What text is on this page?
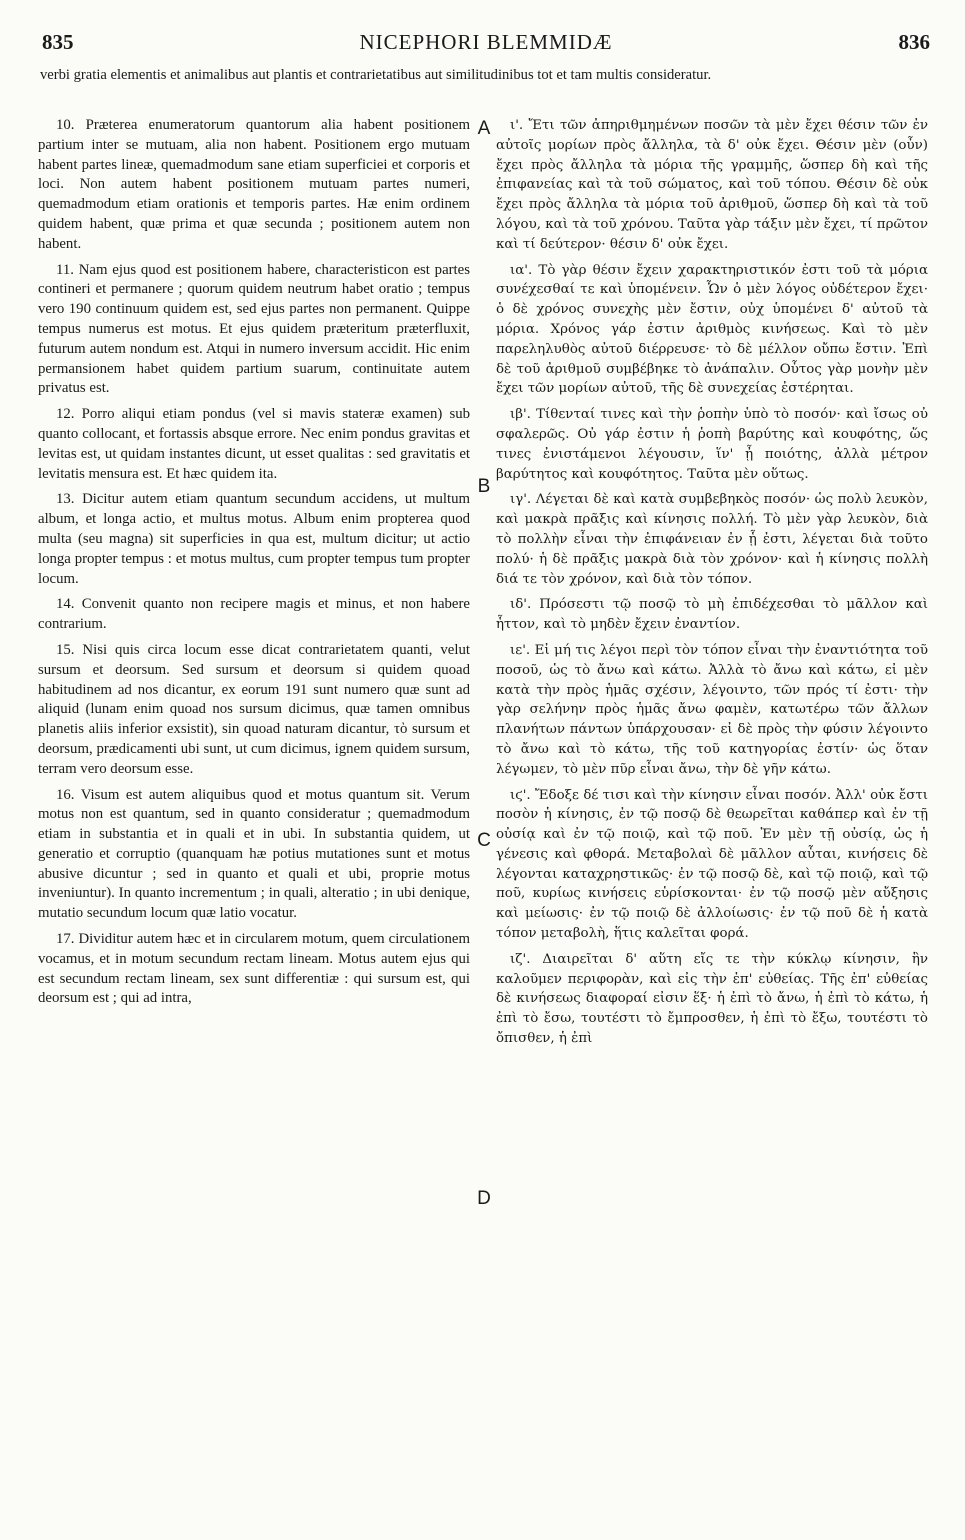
835	NICEPHORI BLEMMIDÆ	836
verbi gratia elementis et animalibus aut plantis et contrarietatibus aut similitudinibus tot et tam multis consideratur.

10. Præterea enumeratorum quantorum alia habent positionem partium inter se mutuam, alia non habent. Positionem ergo mutuam habent partes lineæ, quemadmodum sane etiam superficiei et corporis et loci. Non autem habent positionem mutuam partes numeri, quemadmodum etiam orationis et temporis partes. Hæ enim ordinem quidem habent, quæ prima et quæ secunda ; positionem autem non habent.

11. Nam ejus quod est positionem habere, characteristicon est partes contineri et permanere ; quorum quidem neutrum habet oratio ; tempus vero 190 continuum quidem est, sed ejus partes non permanent. Quippe tempus numerus est motus. Et ejus quidem præteritum præterfluxit, futurum autem nondum est. Atqui in numero inversum accidit. Hic enim permansionem habet quidem partium suarum, continuitate autem privatus est.

12. Porro aliqui etiam pondus (vel si mavis stateræ examen) sub quanto collocant, et fortassis absque errore. Nec enim pondus gravitas et levitas est, ut quidam instantes dicunt, ut esset qualitas : sed gravitatis et levitatis mensura est. Et hæc quidem ita.

13. Dicitur autem etiam quantum secundum accidens, ut multum album, et longa actio, et multus motus. Album enim propterea quod multa (seu magna) sit superficies in qua est, multum dicitur; ut actio longa propter tempus : et motus multus, cum propter tempus tum propter locum.

14. Convenit quanto non recipere magis et minus, et non habere contrarium.

15. Nisi quis circa locum esse dicat contrarietatem quanti, velut sursum et deorsum. Sed sursum et deorsum si quidem quoad habitudinem ad nos dicantur, ex eorum 191 sunt numero quæ sunt ad aliquid (lunam enim quoad nos sursum dicimus, quæ tamen omnibus planetis aliis inferior exsistit), sin quoad naturam dicantur, τὸ sursum et deorsum, prædicamenti ubi sunt, ut cum dicimus, ignem quidem sursum, terram vero deorsum esse.

16. Visum est autem aliquibus quod et motus quantum sit. Verum motus non est quantum, sed in quanto consideratur ; quemadmodum etiam in substantia et in quali et in ubi. In substantia quidem, ut generatio et corruptio (quanquam hæ potius mutationes sunt et motus abusive dicuntur ; sed in quanto et quali et ubi, proprie motus inveniuntur). In quanto incrementum ; in quali, alteratio ; in ubi denique, mutatio secundum locum quæ latio vocatur.

17. Dividitur autem hæc et in circularem motum, quem circulationem vocamus, et in motum secundum rectam lineam. Motus autem ejus qui est secundum rectam lineam, sex sunt differentiæ : qui sursum est, qui deorsum est ; qui ad intra,

A
B
C
D

ι'. Ἔτι τῶν ἀπηριθμημένων ποσῶν τὰ μὲν ἔχει θέσιν τῶν ἐν αὐτοῖς μορίων πρὸς ἄλληλα, τὰ δ' οὐκ ἔχει. Θέσιν μὲν (οὖν) ἔχει πρὸς ἄλληλα τὰ μόρια τῆς γραμμῆς, ὥσπερ δὴ καὶ τῆς ἐπιφανείας καὶ τὰ τοῦ σώματος, καὶ τοῦ τόπου. Θέσιν δὲ οὐκ ἔχει πρὸς ἄλληλα τὰ μόρια τοῦ ἀριθμοῦ, ὥσπερ δὴ καὶ τὰ τοῦ λόγου, καὶ τὰ τοῦ χρόνου. Ταῦτα γὰρ τάξιν μὲν ἔχει, τί πρῶτον καὶ τί δεύτερον· θέσιν δ' οὐκ ἔχει.

ια'. Τὸ γὰρ θέσιν ἔχειν χαρακτηριστικόν ἐστι τοῦ τὰ μόρια συνέχεσθαί τε καὶ ὑπομένειν. Ὧν ὁ μὲν λόγος οὐδέτερον ἔχει· ὁ δὲ χρόνος συνεχὴς μὲν ἔστιν, οὐχ ὑπομένει δ' αὐτοῦ τὰ μόρια. Χρόνος γάρ ἐστιν ἀριθμὸς κινήσεως. Καὶ τὸ μὲν παρεληλυθὸς αὐτοῦ διέρρευσε· τὸ δὲ μέλλον οὔπω ἔστιν. Ἐπὶ δὲ τοῦ ἀριθμοῦ συμβέβηκε τὸ ἀνάπαλιν. Οὗτος γὰρ μονὴν μὲν ἔχει τῶν μορίων αὐτοῦ, τῆς δὲ συνεχείας ἐστέρηται.

ιβ'. Τίθενταί τινες καὶ τὴν ῥοπὴν ὑπὸ τὸ ποσόν· καὶ ἴσως οὐ σφαλερῶς. Οὐ γάρ ἐστιν ἡ ῥοπὴ βαρύτης καὶ κουφότης, ὥς τινες ἐνιστάμενοι λέγουσιν, ἵν' ᾖ ποιότης, ἀλλὰ μέτρον βαρύτητος καὶ κουφότητος. Ταῦτα μὲν οὕτως.

ιγ'. Λέγεται δὲ καὶ κατὰ συμβεβηκὸς ποσόν· ὡς πολὺ λευκὸν, καὶ μακρὰ πρᾶξις καὶ κίνησις πολλή. Τὸ μὲν γὰρ λευκὸν, διὰ τὸ πολλὴν εἶναι τὴν ἐπιφάνειαν ἐν ᾗ ἐστι, λέγεται διὰ τοῦτο πολύ· ἡ δὲ πρᾶξις μακρὰ διὰ τὸν χρόνον· καὶ ἡ κίνησις πολλὴ διά τε τὸν χρόνον, καὶ διὰ τὸν τόπον.

ιδ'. Πρόσεστι τῷ ποσῷ τὸ μὴ ἐπιδέχεσθαι τὸ μᾶλλον καὶ ἧττον, καὶ τὸ μηδὲν ἔχειν ἐναντίον.

ιε'. Εἰ μή τις λέγοι περὶ τὸν τόπον εἶναι τὴν ἐναντιότητα τοῦ ποσοῦ, ὡς τὸ ἄνω καὶ κάτω. Ἀλλὰ τὸ ἄνω καὶ κάτω, εἰ μὲν κατὰ τὴν πρὸς ἡμᾶς σχέσιν, λέγοιντο, τῶν πρός τί ἐστι· τὴν γὰρ σελήνην πρὸς ἡμᾶς ἄνω φαμὲν, κατωτέρω τῶν ἄλλων πλανήτων πάντων ὑπάρχουσαν· εἰ δὲ πρὸς τὴν φύσιν λέγοιντο τὸ ἄνω καὶ τὸ κάτω, τῆς τοῦ κατηγορίας ἐστίν· ὡς ὅταν λέγωμεν, τὸ μὲν πῦρ εἶναι ἄνω, τὴν δὲ γῆν κάτω.

ιϛ'. Ἔδοξε δέ τισι καὶ τὴν κίνησιν εἶναι ποσόν. Ἀλλ' οὐκ ἔστι ποσὸν ἡ κίνησις, ἐν τῷ ποσῷ δὲ θεωρεῖται καθάπερ καὶ ἐν τῇ οὐσίᾳ καὶ ἐν τῷ ποιῷ, καὶ τῷ ποῦ. Ἐν μὲν τῇ οὐσίᾳ, ὡς ἡ γένεσις καὶ φθορά. Μεταβολαὶ δὲ μᾶλλον αὗται, κινήσεις δὲ λέγονται καταχρηστικῶς· ἐν τῷ ποσῷ δὲ, καὶ τῷ ποιῷ, καὶ τῷ ποῦ, κυρίως κινήσεις εὑρίσκονται· ἐν τῷ ποσῷ μὲν αὔξησις καὶ μείωσις· ἐν τῷ ποιῷ δὲ ἀλλοίωσις· ἐν τῷ ποῦ δὲ ἡ κατὰ τόπον μεταβολὴ, ἥτις καλεῖται φορά.

ιζ'. Διαιρεῖται δ' αὕτη εἴς τε τὴν κύκλῳ κίνησιν, ἣν καλοῦμεν περιφορὰν, καὶ εἰς τὴν ἐπ' εὐθείας. Τῆς ἐπ' εὐθείας δὲ κινήσεως διαφοραί εἰσιν ἕξ· ἡ ἐπὶ τὸ ἄνω, ἡ ἐπὶ τὸ κάτω, ἡ ἐπὶ τὸ ἔσω, τουτέστι τὸ ἔμπροσθεν, ἡ ἐπὶ τὸ ἔξω, τουτέστι τὸ ὄπισθεν, ἡ ἐπὶ
